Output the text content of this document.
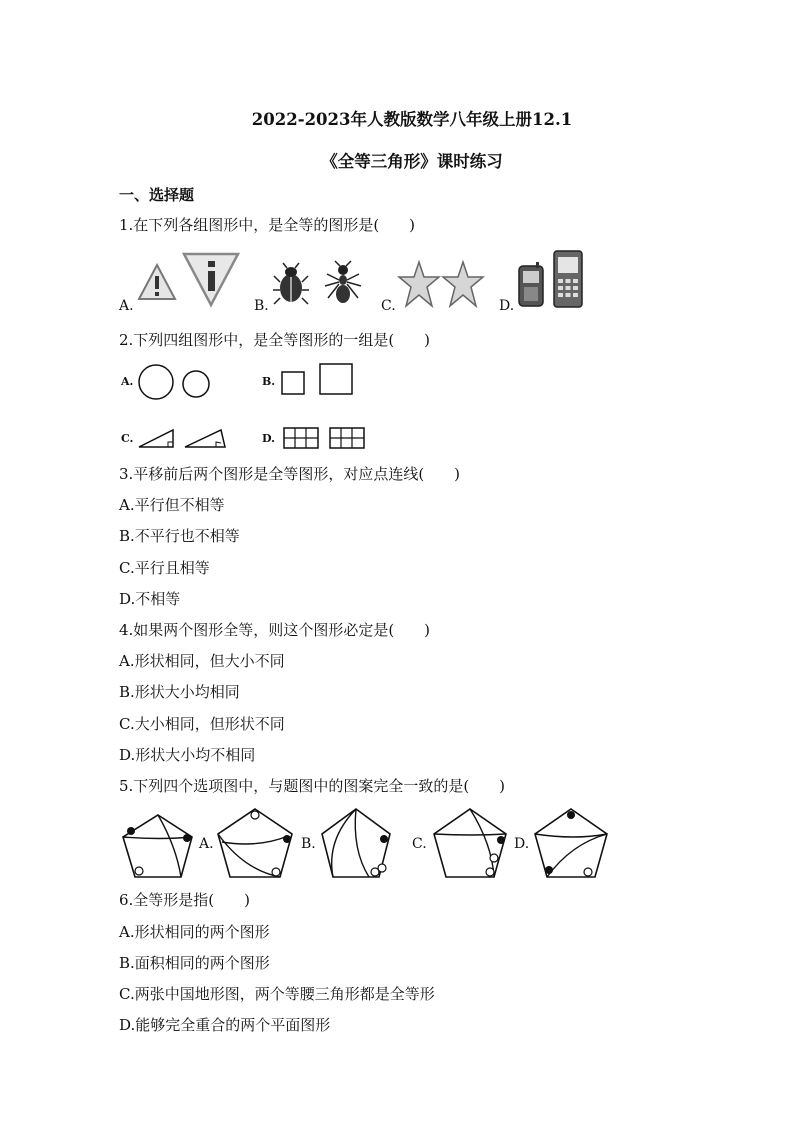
2022-2023年人教版数学八年级上册12.1
《全等三角形》课时练习
一、选择题
1.在下列各组图形中，是全等的图形是(　　)
A.	B.	C.	D.
2.下列四组图形中，是全等图形的一组是(　　)
A.	B.
C.	D.
3.平移前后两个图形是全等图形，对应点连线(　　)
A.平行但不相等
B.不平行也不相等
C.平行且相等
D.不相等
4.如果两个图形全等，则这个图形必定是(　　)
A.形状相同，但大小不同
B.形状大小均相同
C.大小相同，但形状不同
D.形状大小均不相同
5.下列四个选项图中，与题图中的图案完全一致的是(　　)
A.	B.	C.	D.
6.全等形是指(　　)
A.形状相同的两个图形
B.面积相同的两个图形
C.两张中国地形图，两个等腰三角形都是全等形
D.能够完全重合的两个平面图形
